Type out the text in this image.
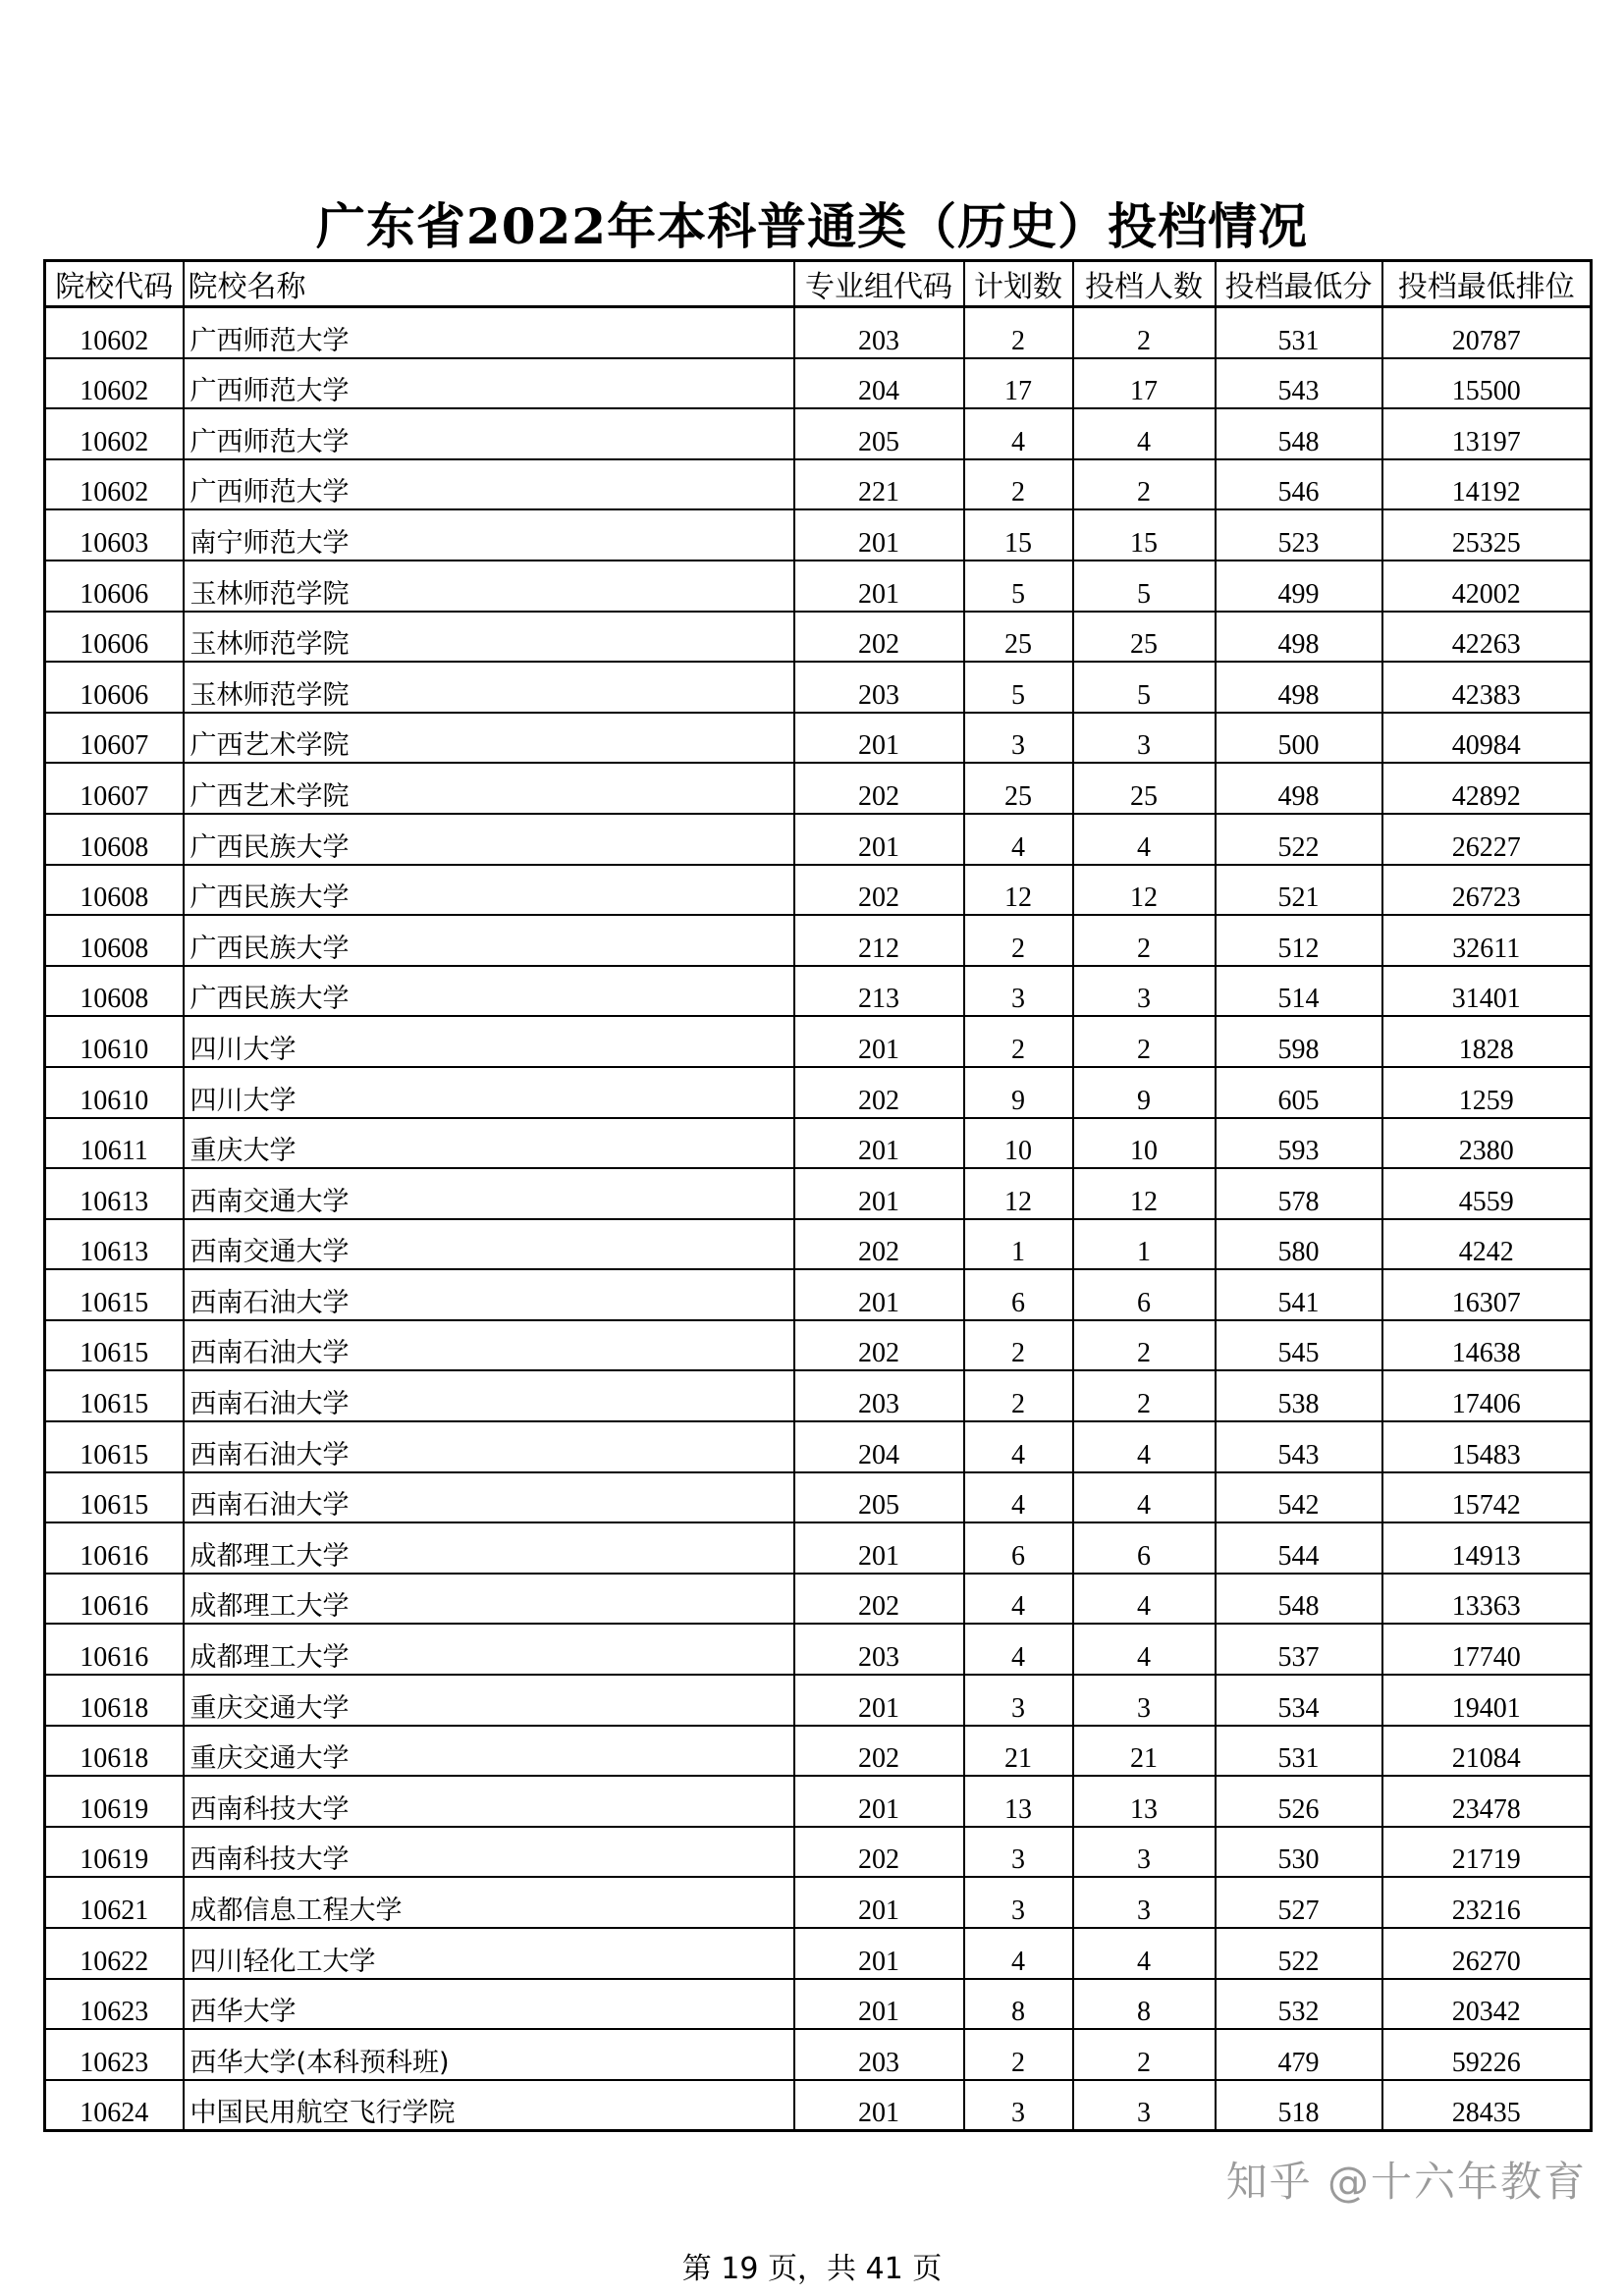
广东省2022年本科普通类（历史）投档情况
院校代码	院校名称	专业组代码	计划数	投档人数	投档最低分	投档最低排位
10602	广西师范大学	203	2	2	531	20787
10602	广西师范大学	204	17	17	543	15500
10602	广西师范大学	205	4	4	548	13197
10602	广西师范大学	221	2	2	546	14192
10603	南宁师范大学	201	15	15	523	25325
10606	玉林师范学院	201	5	5	499	42002
10606	玉林师范学院	202	25	25	498	42263
10606	玉林师范学院	203	5	5	498	42383
10607	广西艺术学院	201	3	3	500	40984
10607	广西艺术学院	202	25	25	498	42892
10608	广西民族大学	201	4	4	522	26227
10608	广西民族大学	202	12	12	521	26723
10608	广西民族大学	212	2	2	512	32611
10608	广西民族大学	213	3	3	514	31401
10610	四川大学	201	2	2	598	1828
10610	四川大学	202	9	9	605	1259
10611	重庆大学	201	10	10	593	2380
10613	西南交通大学	201	12	12	578	4559
10613	西南交通大学	202	1	1	580	4242
10615	西南石油大学	201	6	6	541	16307
10615	西南石油大学	202	2	2	545	14638
10615	西南石油大学	203	2	2	538	17406
10615	西南石油大学	204	4	4	543	15483
10615	西南石油大学	205	4	4	542	15742
10616	成都理工大学	201	6	6	544	14913
10616	成都理工大学	202	4	4	548	13363
10616	成都理工大学	203	4	4	537	17740
10618	重庆交通大学	201	3	3	534	19401
10618	重庆交通大学	202	21	21	531	21084
10619	西南科技大学	201	13	13	526	23478
10619	西南科技大学	202	3	3	530	21719
10621	成都信息工程大学	201	3	3	527	23216
10622	四川轻化工大学	201	4	4	522	26270
10623	西华大学	201	8	8	532	20342
10623	西华大学(本科预科班)	203	2	2	479	59226
10624	中国民用航空飞行学院	201	3	3	518	28435
知乎 @十六年教育
第 19 页，共 41 页
